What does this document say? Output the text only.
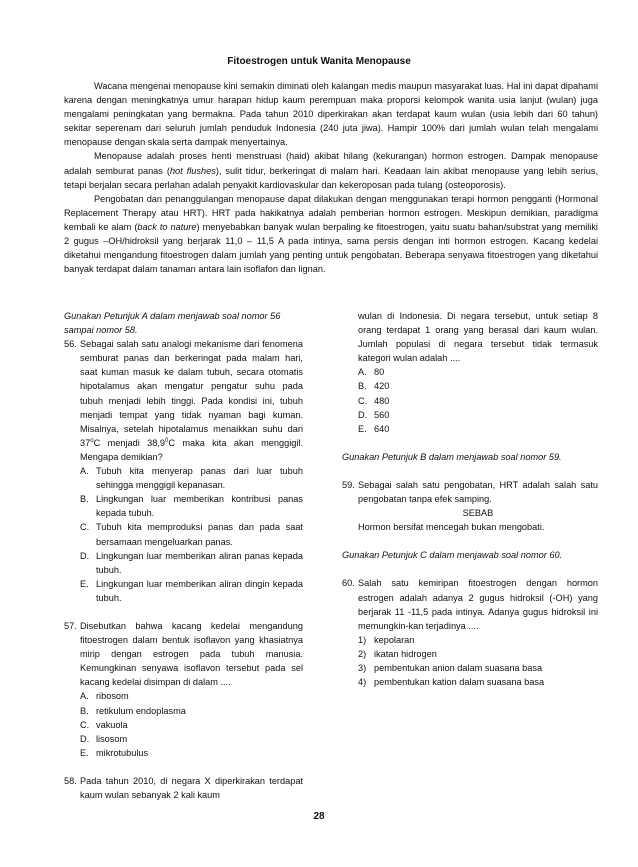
Fitoestrogen untuk Wanita Menopause

Wacana mengenai menopause kini semakin diminati oleh kalangan medis maupun masyarakat luas. Hal ini dapat dipahami karena dengan meningkatnya umur harapan hidup kaum perempuan maka proporsi kelompok wanita usia lanjut (wulan) juga mengalami peningkatan yang bermakna. Pada tahun 2010 diperkirakan akan terdapat kaum wulan (usia lebih dari 60 tahun) sekitar seperenam dari seluruh jumlah penduduk Indonesia (240 juta jiwa). Hampir 100% dari jumlah wulan telah mengalami menopause dengan skala serta dampak menyertainya.

Menopause adalah proses henti menstruasi (haid) akibat hilang (kekurangan) hormon estrogen. Dampak menopause adalah semburat panas (hot flushes), sulit tidur, berkeringat di malam hari. Keadaan lain akibat menopause yang lebih serius, tetapi berjalan secara perlahan adalah penyakit kardiovaskular dan kekeroposan pada tulang (osteoporosis).

Pengobatan dan penanggulangan menopause dapat dilakukan dengan menggunakan terapi hormon pengganti (Hormonal Replacement Therapy atau HRT). HRT pada hakikatnya adalah pemberian hormon estrogen. Meskipun demikian, paradigma kembali ke alam (back to nature) menyebabkan banyak wulan berpaling ke fitoestrogen, yaitu suatu bahan/substrat yang memiliki 2 gugus –OH/hidroksil yang berjarak 11,0 – 11,5 A pada intinya, sama persis dengan inti hormon estrogen. Kacang kedelai diketahui mengandung fitoestrogen dalam jumlah yang penting untuk pengobatan. Beberapa senyawa fitoestrogen yang diketahui banyak terdapat dalam tanaman antara lain isoflafon dan lignan.

Gunakan Petunjuk A dalam menjawab soal nomor 56 sampai nomor 58.

56. Sebagai salah satu analogi mekanisme dari fenomena semburat panas dan berkeringat pada malam hari, saat kuman masuk ke dalam tubuh, secara otomatis hipotalamus akan mengatur pengatur suhu pada tubuh menjadi lebih tinggi. Pada kondisi ini, tubuh menjadi tempat yang tidak nyaman bagi kuman. Misalnya, setelah hipotalamus menaikkan suhu dari 37$^o$C menjadi 38,9$^0$C maka kita akan menggigil. Mengapa demikian?
A. Tubuh kita menyerap panas dari luar tubuh sehingga menggigil kepanasan.
B. Lingkungan luar memberikan kontribusi panas kepada tubuh.
C. Tubuh kita memproduksi panas dan pada saat bersamaan mengeluarkan panas.
D. Lingkungan luar memberikan aliran panas kepada tubuh.
E. Lingkungan luar memberikan aliran dingin kepada tubuh.
57. Disebutkan bahwa kacang kedelai mengandung fitoestrogen dalam bentuk isoflavon yang khasiatnya mirip dengan estrogen pada tubuh manusia. Kemungkinan senyawa isoflavon tersebut pada sel kacang kedelai disimpan di dalam ....
A. ribosom
B. retikulum endoplasma
C. vakuola
D. lisosom
E. mikrotubulus
58. Pada tahun 2010, di negara X diperkirakan terdapat kaum wulan sebanyak 2 kali kaum
wulan di Indonesia. Di negara tersebut, untuk setiap 8 orang terdapat 1 orang yang berasal dari kaum wulan. Jumlah populasi di negara tersebut tidak termasuk kategori wulan adalah ....
A. 80
B. 420
C. 480
D. 560
E. 640

Gunakan Petunjuk B dalam menjawab soal nomor 59.

59. Sebagai salah satu pengobatan, HRT adalah salah satu pengobatan tanpa efek samping.
SEBAB
Hormon bersifat mencegah bukan mengobati.

Gunakan Petunjuk C dalam menjawab soal nomor 60.

60. Salah satu kemiripan fitoestrogen dengan hormon estrogen adalah adanya 2 gugus hidroksil (-OH) yang berjarak 11 -11,5 pada intinya. Adanya gugus hidroksil ini memungkin-kan terjadinya ....
1) kepolaran
2) ikatan hidrogen
3) pembentukan anion dalam suasana basa
4) pembentukan kation dalam suasana basa
28
